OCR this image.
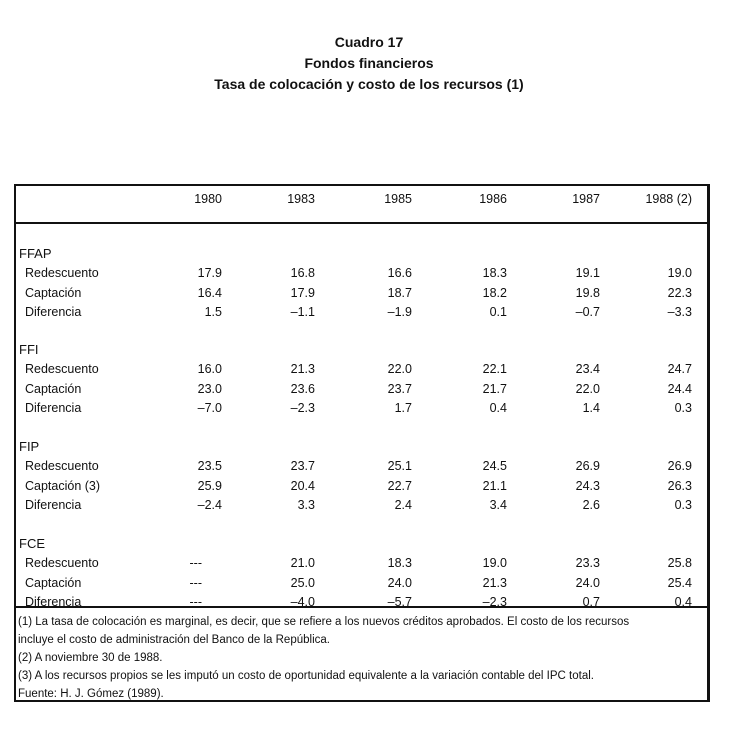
Cuadro 17
Fondos financieros
Tasa de colocación y costo de los recursos (1)
1980	1983	1985	1986	1987	1988 (2)
FFAP
Redescuento	17.9	16.8	16.6	18.3	19.1	19.0
Captación	16.4	17.9	18.7	18.2	19.8	22.3
Diferencia	1.5	–1.1	–1.9	0.1	–0.7	–3.3
FFI
Redescuento	16.0	21.3	22.0	22.1	23.4	24.7
Captación	23.0	23.6	23.7	21.7	22.0	24.4
Diferencia	–7.0	–2.3	1.7	0.4	1.4	0.3
FIP
Redescuento	23.5	23.7	25.1	24.5	26.9	26.9
Captación (3)	25.9	20.4	22.7	21.1	24.3	26.3
Diferencia	–2.4	3.3	2.4	3.4	2.6	0.3
FCE
Redescuento	---	21.0	18.3	19.0	23.3	25.8
Captación	---	25.0	24.0	21.3	24.0	25.4
Diferencia	---	–4.0	–5.7	–2.3	0.7	0.4
(1) La tasa de colocación es marginal, es decir, que se refiere a los nuevos créditos aprobados. El costo de los recursos
incluye el costo de administración del Banco de la República.
(2) A noviembre 30 de 1988.
(3) A los recursos propios se les imputó un costo de oportunidad equivalente a la variación contable del IPC total.
Fuente: H. J. Gómez (1989).
